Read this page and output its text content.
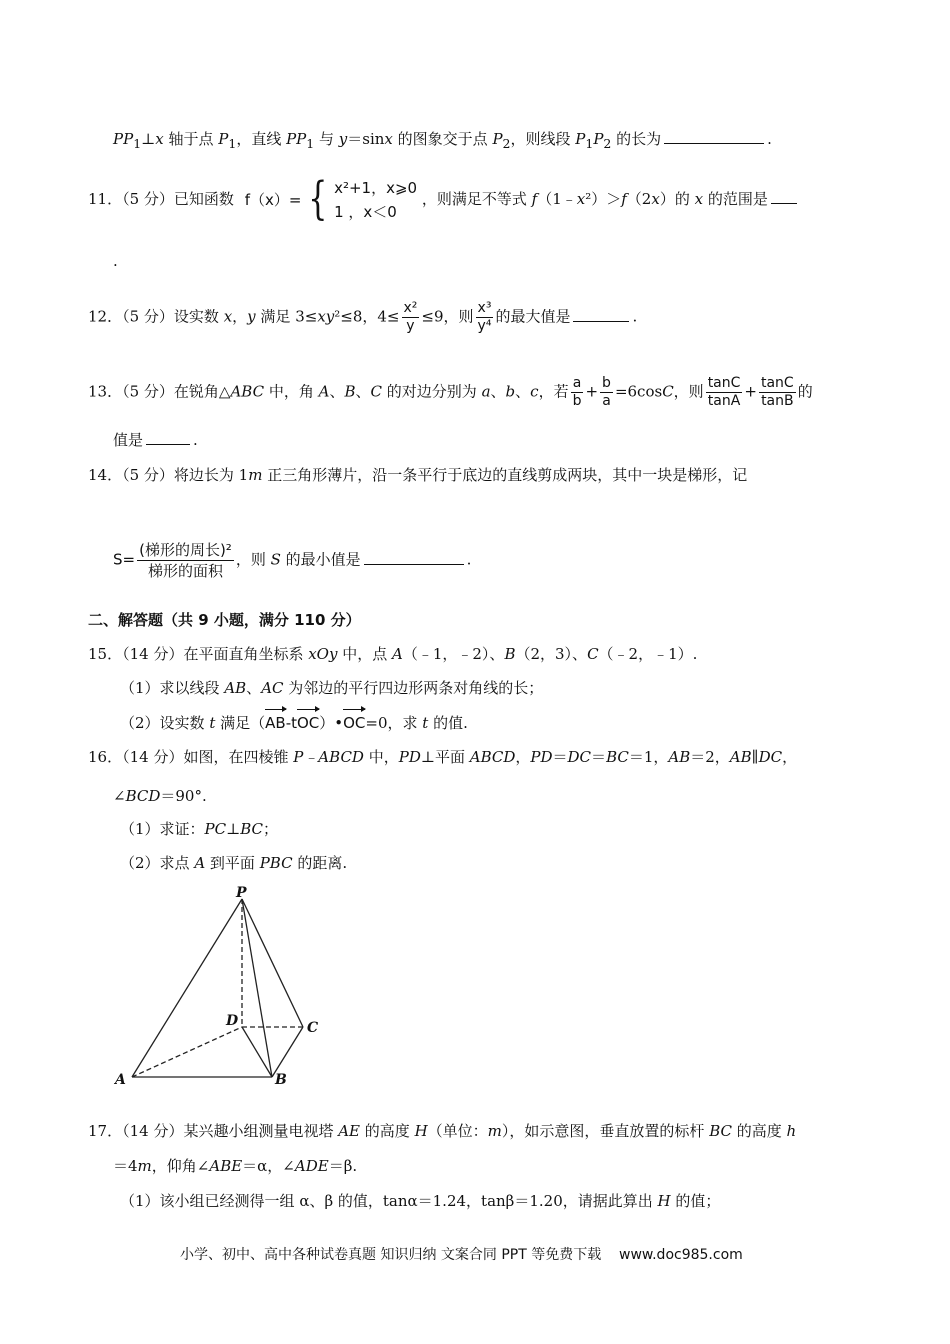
$PP_1\perp x$ 轴于点 $P_1$，直线 $PP_1$ 与 y＝sinx 的图象交于点 $P_2$，则线段 $P_1P_2$ 的长为	.
11．（5 分）已知函数 f（x）= { x²+1，x⩾0
1 ，x＜0
，则满足不等式 f（1﹣x²）＞f（2x）的 x 的范围是
.
12．（5 分）设实数 x，y 满足 3≤xy²≤8，$4\le \frac{\text{x²}}{y} \le 9$，则 $\frac{\text{x³}}{\text{y⁴}}$ 的最大值是	.
13．（5 分）在锐角△ABC 中，角 A、B、C 的对边分别为 a、b、c，若 $\frac{a}{b} + \frac{b}{a} =6\cos C$，则 $\frac{\tan C}{\tan A} + \frac{\tan C}{\tan B}$ 的
值是	.
14．（5 分）将边长为 1m 正三角形薄片，沿一条平行于底边的直线剪成两块，其中一块是梯形，记
$S= \frac{\text{(梯形的周长)²}}{\text{梯形的面积}}$ ，则 S 的最小值是	.
二、解答题（共 9 小题，满分 110 分）
15．（14 分）在平面直角坐标系 xOy 中，点 A（﹣1，﹣2）、B（2，3）、C（﹣2，﹣1）.
（1）求以线段 AB、AC 为邻边的平行四边形两条对角线的长；
（2）设实数 t 满足（AB-tOC）•OC=0，求 t 的值.
16．（14 分）如图，在四棱锥 P﹣ABCD 中，PD⊥平面 ABCD，PD＝DC＝BC＝1，AB＝2，AB∥DC，
∠BCD＝90°.
（1）求证：PC⊥BC；
（2）求点 A 到平面 PBC 的距离.
P
D	C
A	B
17．（14 分）某兴趣小组测量电视塔 AE 的高度 H（单位：m），如示意图，垂直放置的标杆 BC 的高度 h
＝4m，仰角∠ABE＝α，∠ADE＝β.
（1）该小组已经测得一组 α、β 的值，tanα＝1.24，tanβ＝1.20，请据此算出 H 的值；
小学、初中、高中各种试卷真题 知识归纳 文案合同 PPT 等免费下载    www.doc985.com
